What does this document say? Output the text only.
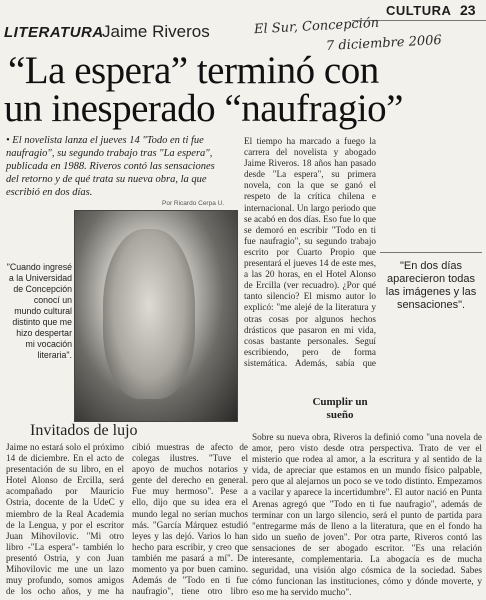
CULTURA 23
El Sur, Concepción
7 diciembre 2006
LITERATURA
Jaime Riveros
“La espera” terminó con
un inesperado “naufragio”
• El novelista lanza el jueves 14 "Todo en ti fue naufragio", su segundo trabajo tras "La espera", publicada en 1988. Riveros contó las sensaciones del retorno y de qué trata su nueva obra, la que escribió en dos días.
Por Ricardo Cerpa U.
"Cuando ingresé a la Universidad de Concepción conocí un mundo cultural distinto que me hizo despertar mi vocación literaria".
El tiempo ha marcado a fuego la carrera del novelista y abogado Jaime Riveros. 18 años han pasado desde "La espera", su primera novela, con la que se ganó el respeto de la crítica chilena e internacional. Un largo periodo que se acabó en dos días. Eso fue lo que se demoró en escribir "Todo en ti fue naufragio", su segundo trabajo escrito por Cuarto Propio que presentará el jueves 14 de este mes, a las 20 horas, en el Hotel Alonso de Ercilla (ver recuadro). ¿Por qué tanto silencio? El mismo autor lo explicó: "me alejé de la literatura y otras cosas por algunos hechos drásticos que pasaron en mi vida, cosas bastante personales. Seguí escribiendo, pero de forma sistemática. Además, sabía que
"En dos días aparecieron todas las imágenes y las sensaciones".
Cumplir un sueño
Invitados de lujo
Jaime no estará solo el próximo 14 de diciembre. En el acto de presentación de su libro, en el Hotel Alonso de Ercilla, será acompañado por Mauricio Ostria, docente de la UdeC y miembro de la Real Academia de la Lengua, y por el escritor Juan Mihovilovic. "Mi otro libro -"La espera"- también lo presentó Ostria, y con Juan Mihovilovic me une un lazo muy profundo, somos amigos de los ocho años, y me ha
cibió muestras de afecto de colegas ilustres. "Tuve el apoyo de muchos notarios y gente del derecho en general. Fue muy hermoso". Pese a ello, dijo que su idea era el mundo legal no serían muchos más. "García Márquez estudió leyes y las dejó. Varios lo han hecho para escribir, y creo que también me pasará a mí". De momento ya por buen camino. Además de "Todo en ti fue naufragio", tiene otro libro
Sobre su nueva obra, Riveros la definió como "una novela de amor, pero visto desde otra perspectiva. Trato de ver el misterio que rodea al amor, a la escritura y al sentido de la vida, de apreciar que estamos en un mundo físico palpable, pero que al alejarnos un poco se ve todo distinto. Empezamos a vacilar y aparece la incertidumbre". El autor nació en Punta Arenas agregó que "Todo en ti fue naufragio", además de terminar con un largo silencio, será el punto de partida para "entregarme más de lleno a la literatura, que en el fondo ha sido un sueño de joven". Por otra parte, Riveros contó las sensaciones de ser abogado escritor. "Es una relación interesante, complementaria. La abogacía es de mucha seguridad, una visión algo cósmica de la sociedad. Sabes cómo funcionan las instituciones, cómo y dónde moverte, y eso me ha servido mucho".
